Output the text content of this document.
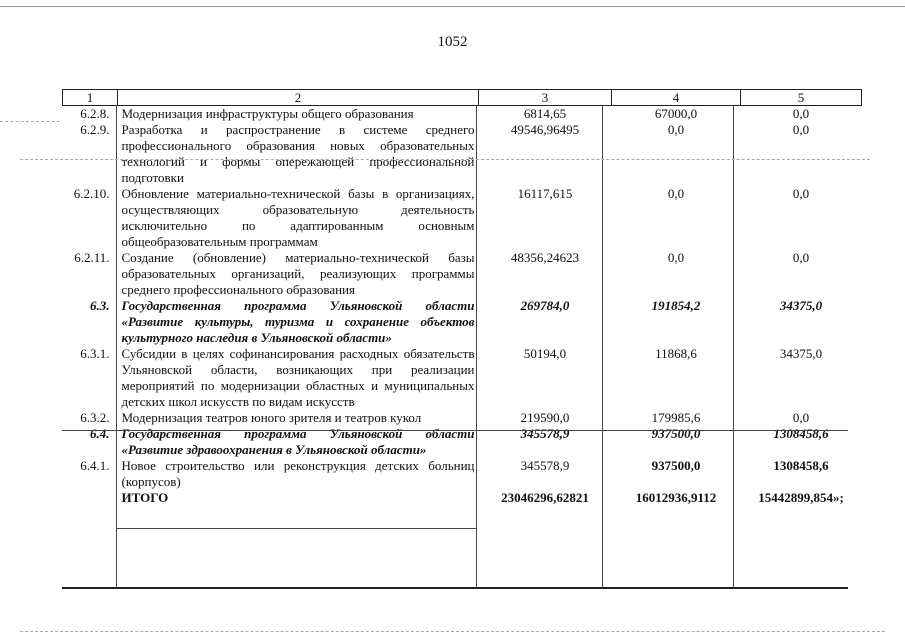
1052
1	2	3	4	5
6.2.8.	Модернизация инфраструктуры общего образования	6814,65	67000,0	0,0
6.2.9.	Разработка и распространение в системе среднего профессионального образования новых образовательных технологий и формы опережающей профессиональной подготовки	49546,96495	0,0	0,0
6.2.10.	Обновление материально-технической базы в организациях, осуществляющих образовательную деятельность исключительно по адаптированным основным общеобразовательным программам	16117,615	0,0	0,0
6.2.11.	Создание (обновление) материально-технической базы образовательных организаций, реализующих программы среднего профессионального образования	48356,24623	0,0	0,0
6.3.	Государственная программа Ульяновской области «Развитие культуры, туризма и сохранение объектов культурного наследия в Ульяновской области»	269784,0	191854,2	34375,0
6.3.1.	Субсидии в целях софинансирования расходных обязательств Ульяновской области, возникающих при реализации мероприятий по модернизации областных и муниципальных детских школ искусств по видам искусств	50194,0	11868,6	34375,0
6.3.2.	Модернизация театров юного зрителя и театров кукол	219590,0	179985,6	0,0
6.4.	Государственная программа Ульяновской области «Развитие здравоохранения в Ульяновской области»	345578,9	937500,0	1308458,6
6.4.1.	Новое строительство или реконструкция детских больниц (корпусов)	345578,9	937500,0	1308458,6
	ИТОГО	23046296,62821	16012936,9112	15442899,854»;
